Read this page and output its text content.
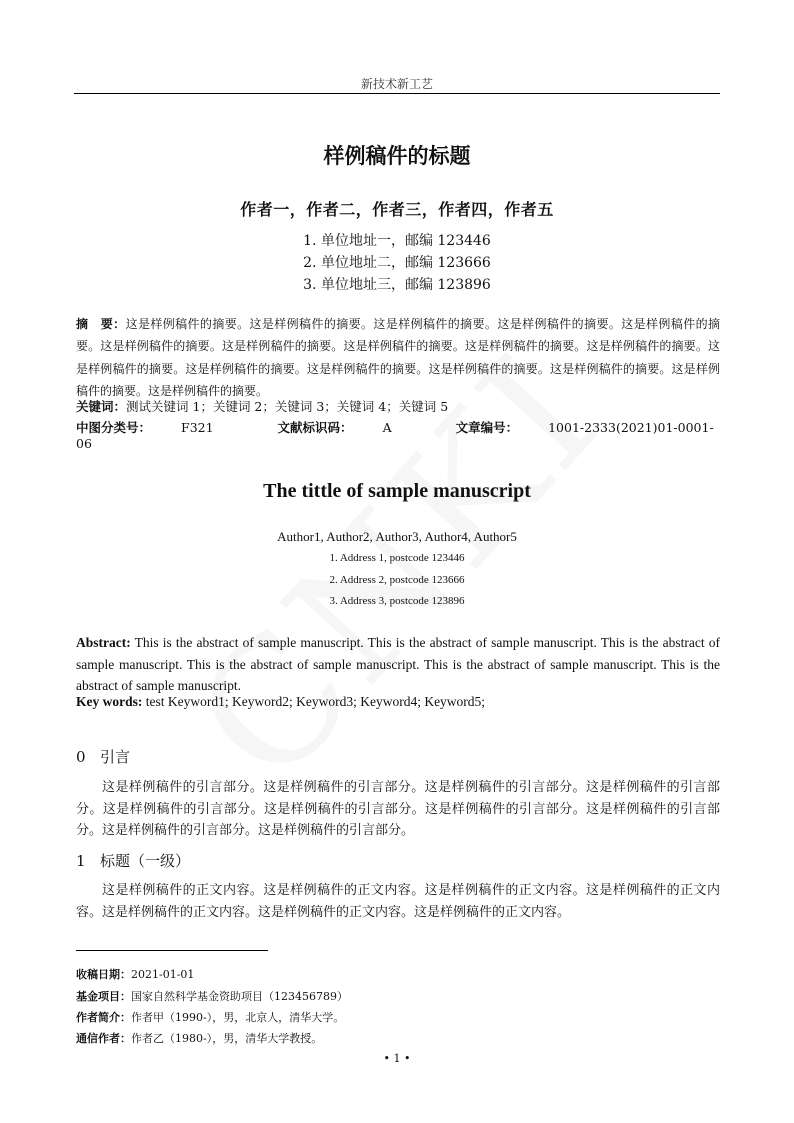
新技术新工艺
样例稿件的标题
作者一，作者二，作者三，作者四，作者五
1. 单位地址一，邮编 123446
2. 单位地址二，邮编 123666
3. 单位地址三，邮编 123896
摘　要：这是样例稿件的摘要。这是样例稿件的摘要。这是样例稿件的摘要。这是样例稿件的摘要。这是样例稿件的摘要。这是样例稿件的摘要。这是样例稿件的摘要。这是样例稿件的摘要。这是样例稿件的摘要。这是样例稿件的摘要。这是样例稿件的摘要。这是样例稿件的摘要。这是样例稿件的摘要。这是样例稿件的摘要。这是样例稿件的摘要。这是样例稿件的摘要。这是样例稿件的摘要。
关键词：测试关键词 1；关键词 2；关键词 3；关键词 4；关键词 5
中图分类号： F321	文献标识码： A	文章编号： 1001-2333(2021)01-0001-06
The tittle of sample manuscript
Author1, Author2, Author3, Author4, Author5
1. Address 1, postcode 123446
2. Address 2, postcode 123666
3. Address 3, postcode 123896
Abstract: This is the abstract of sample manuscript. This is the abstract of sample manuscript. This is the abstract of sample manuscript. This is the abstract of sample manuscript. This is the abstract of sample manuscript. This is the abstract of sample manuscript.
Key words: test Keyword1; Keyword2; Keyword3; Keyword4; Keyword5;
0 引言
这是样例稿件的引言部分。这是样例稿件的引言部分。这是样例稿件的引言部分。这是样例稿件的引言部分。这是样例稿件的引言部分。这是样例稿件的引言部分。这是样例稿件的引言部分。这是样例稿件的引言部分。这是样例稿件的引言部分。这是样例稿件的引言部分。
1 标题（一级）
这是样例稿件的正文内容。这是样例稿件的正文内容。这是样例稿件的正文内容。这是样例稿件的正文内容。这是样例稿件的正文内容。这是样例稿件的正文内容。这是样例稿件的正文内容。
收稿日期：2021-01-01
基金项目：国家自然科学基金资助项目（123456789）
作者简介：作者甲（1990-），男，北京人，清华大学。
通信作者：作者乙（1980-），男，清华大学教授。
• 1 •
